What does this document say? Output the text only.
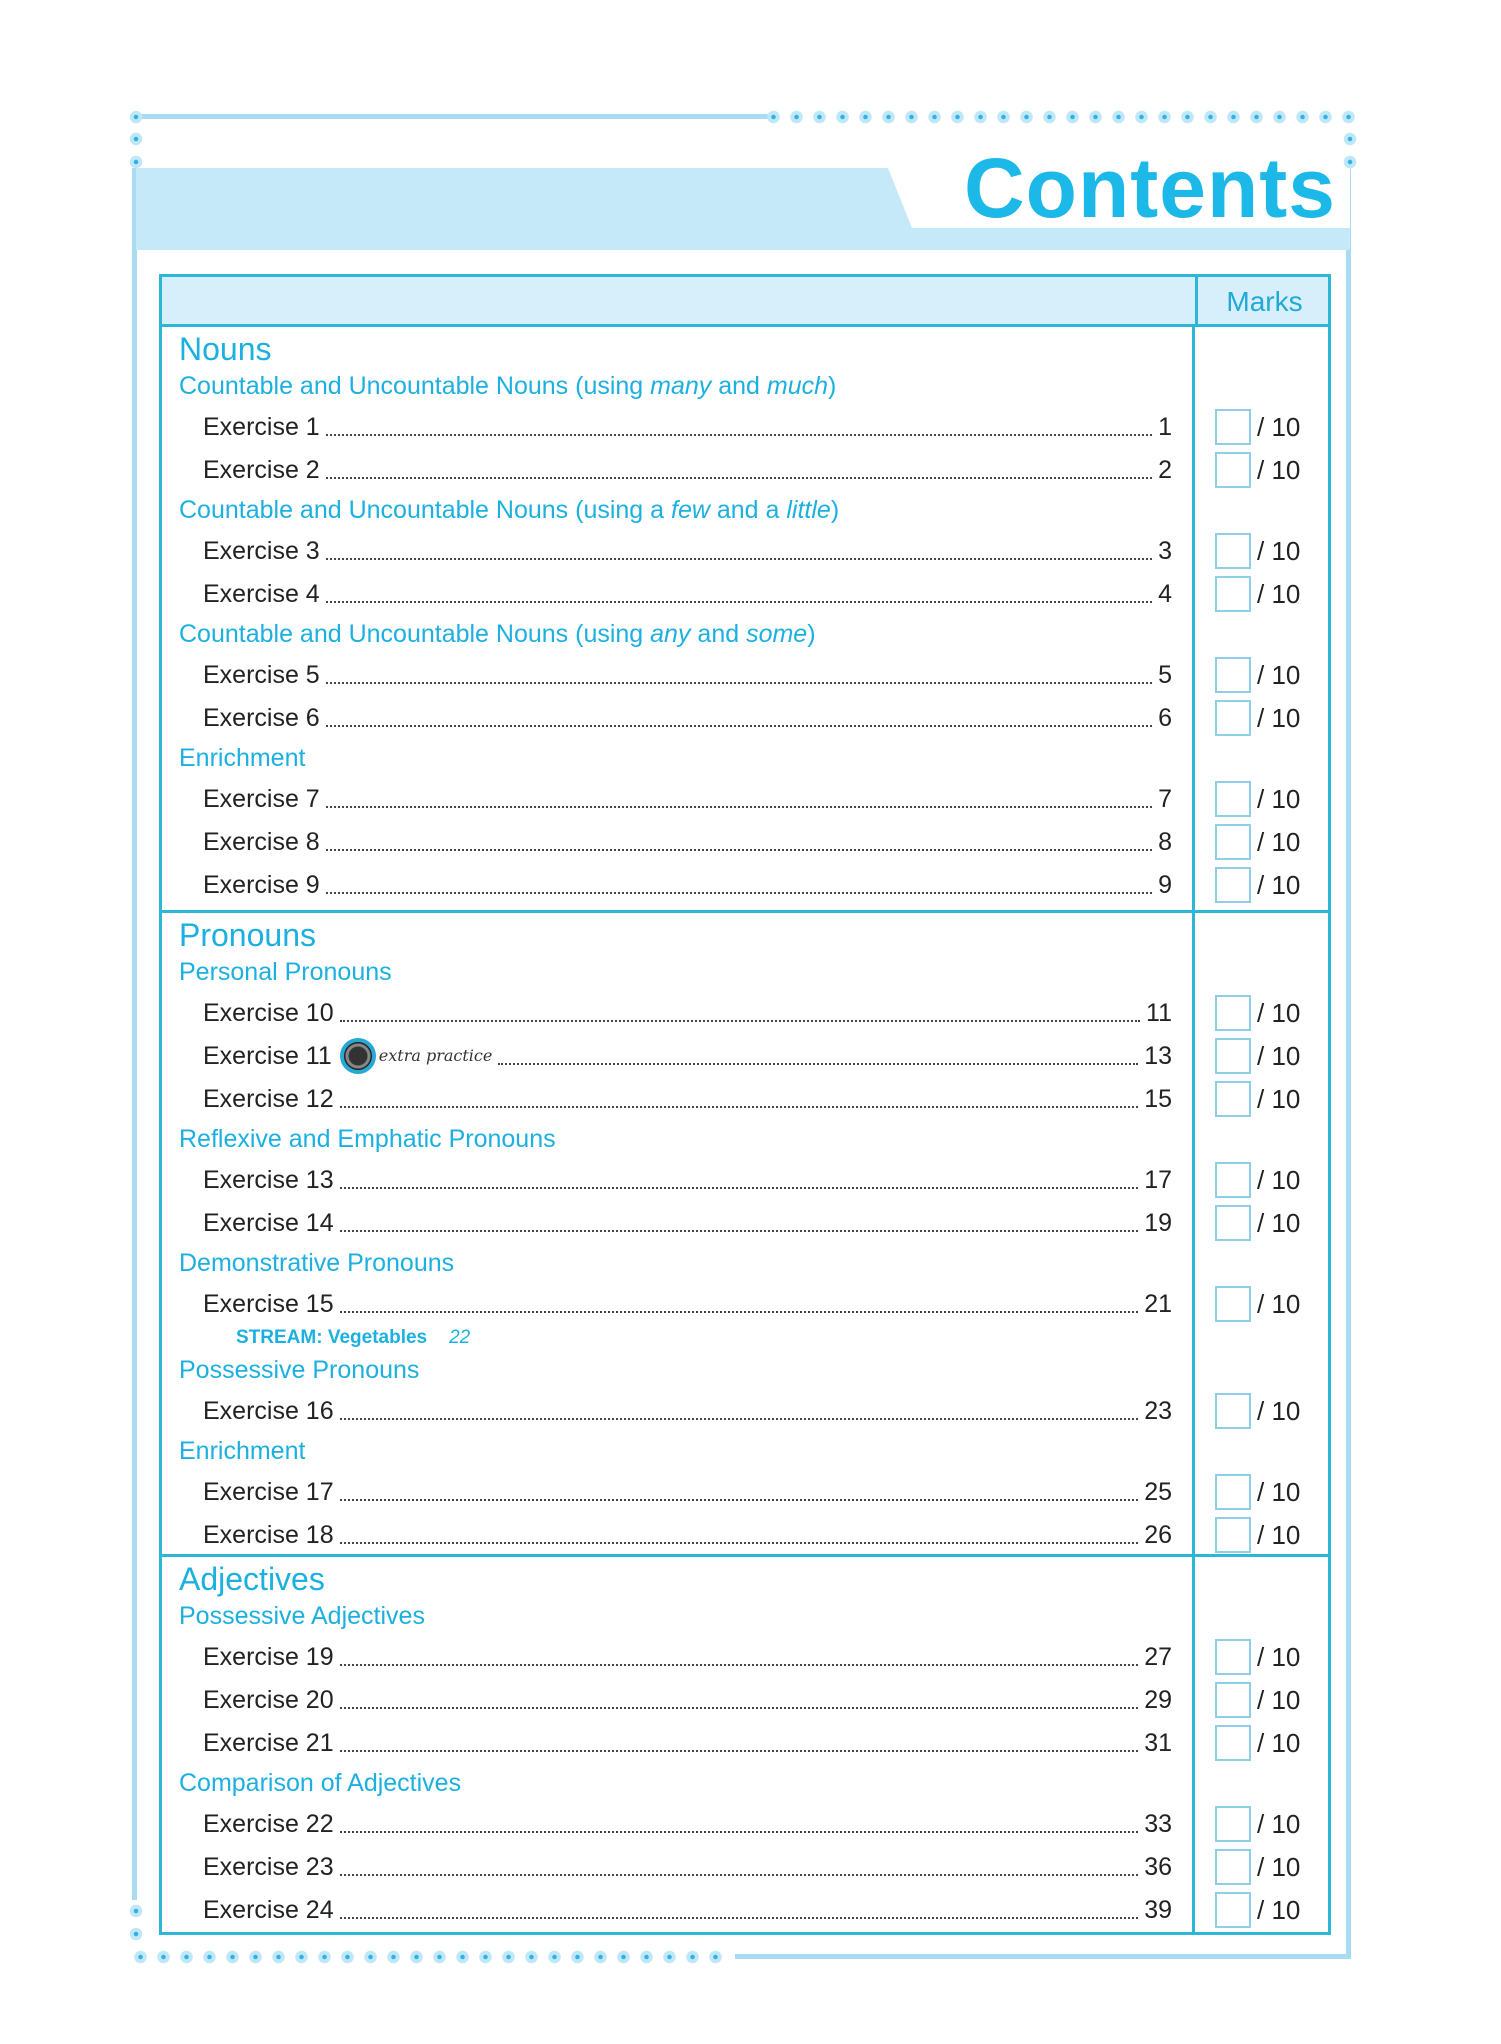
Contents
Marks
Nouns
Countable and Uncountable Nouns (using many and much )
Exercise 1	1	/ 10
Exercise 2	2	/ 10
Countable and Uncountable Nouns (using a few and a little )
Exercise 3	3	/ 10
Exercise 4	4	/ 10
Countable and Uncountable Nouns (using any and some )
Exercise 5	5	/ 10
Exercise 6	6	/ 10
Enrichment
Exercise 7	7	/ 10
Exercise 8	8	/ 10
Exercise 9	9	/ 10
Pronouns
Personal Pronouns
Exercise 10	11	/ 10
Exercise 11	extra practice	13	/ 10
Exercise 12	15	/ 10
Reflexive and Emphatic Pronouns
Exercise 13	17	/ 10
Exercise 14	19	/ 10
Demonstrative Pronouns
Exercise 15	21	/ 10
STREAM: Vegetables 22
Possessive Pronouns
Exercise 16	23	/ 10
Enrichment
Exercise 17	25	/ 10
Exercise 18	26	/ 10
Adjectives
Possessive Adjectives
Exercise 19	27	/ 10
Exercise 20	29	/ 10
Exercise 21	31	/ 10
Comparison of Adjectives
Exercise 22	33	/ 10
Exercise 23	36	/ 10
Exercise 24	39	/ 10
